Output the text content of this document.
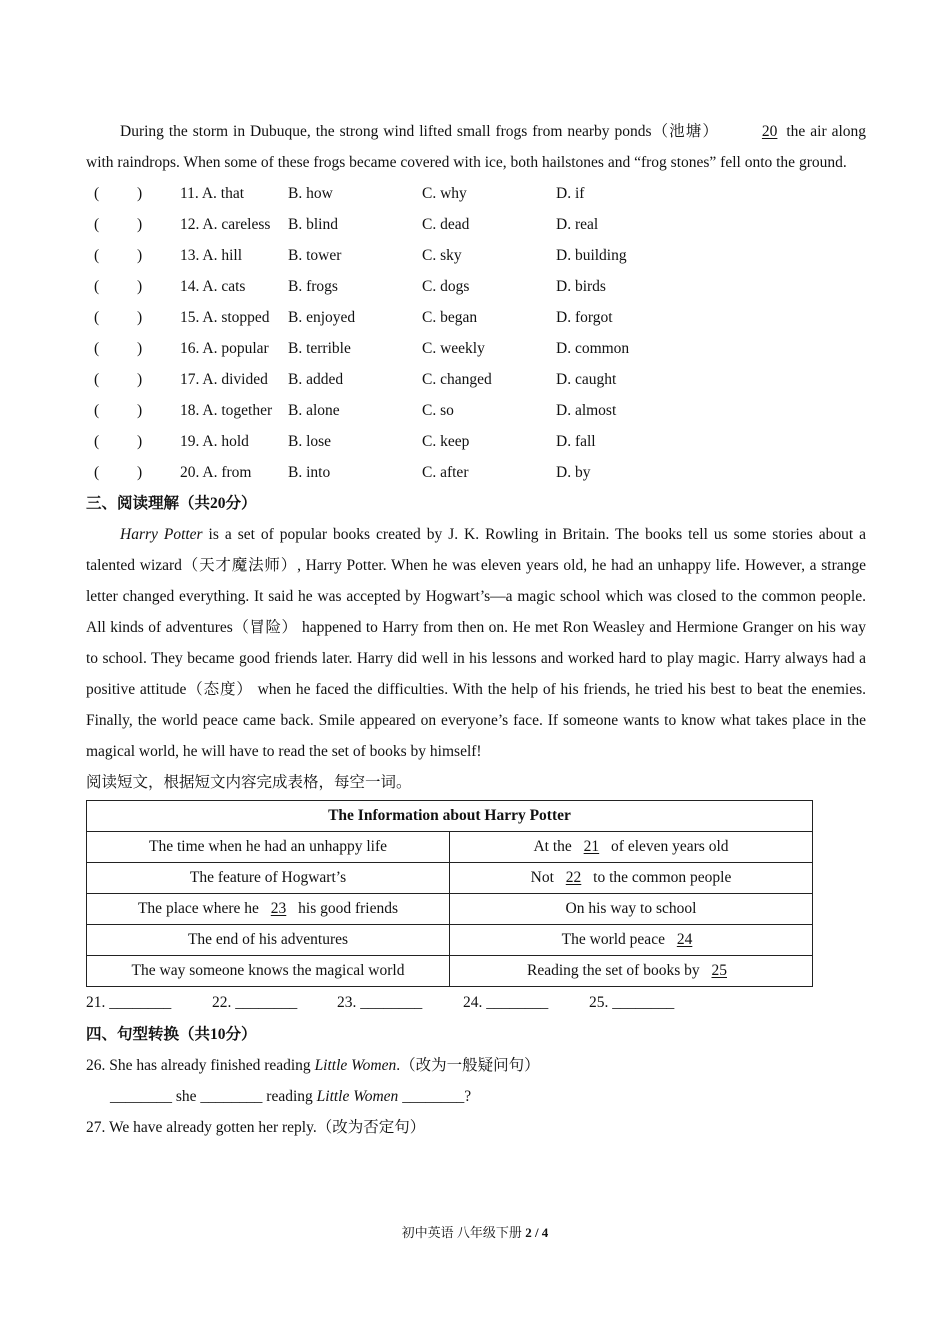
During the storm in Dubuque, the strong wind lifted small frogs from nearby ponds（池塘）	20 the air along with raindrops. When some of these frogs became covered with ice, both hailstones and “frog stones” fell onto the ground.

( ) 11. A. that	B. how	C. why	D. if
( ) 12. A. careless B. blind	C. dead	D. real
( ) 13. A. hill	B. tower	C. sky	D. building
( ) 14. A. cats	B. frogs	C. dogs	D. birds
( ) 15. A. stopped B. enjoyed	C. began	D. forgot
( ) 16. A. popular B. terrible	C. weekly	D. common
( ) 17. A. divided B. added	C. changed	D. caught
( ) 18. A. together B. alone	C. so	D. almost
( ) 19. A. hold	B. lose	C. keep	D. fall
( ) 20. A. from B. into	C. after	D. by

三、阅读理解（共20分）

Harry Potter is a set of popular books created by J. K. Rowling in Britain. The books tell us some stories about a talented wizard（天才魔法师）, Harry Potter. When he was eleven years old, he had an unhappy life. However, a strange letter changed everything. It said he was accepted by Hogwart’s—a magic school which was closed to the common people. All kinds of adventures（冒险） happened to Harry from then on. He met Ron Weasley and Hermione Granger on his way to school. They became good friends later. Harry did well in his lessons and worked hard to play magic. Harry always had a positive attitude（态度） when he faced the difficulties. With the help of his friends, he tried his best to beat the enemies. Finally, the world peace came back. Smile appeared on everyone’s face. If someone wants to know what takes place in the magical world, he will have to read the set of books by himself!

阅读短文，根据短文内容完成表格，每空一词。

The Information about Harry Potter	
The time when he had an unhappy life	At the 21 of eleven years old
The feature of Hogwart’s	Not 22 to the common people
The place where he 23 his good friends	On his way to school
The end of his adventures	The world peace 24
The way someone knows the magical world	Reading the set of books by 25
21. ________	22. ________	23. ________	24. ________	25. ________

四、句型转换（共10分）

26. She has already finished reading Little Women.（改为一般疑问句）

________ she ________ reading Little Women ________?

27. We have already gotten her reply.（改为否定句）

初中英语 八年级下册 2 / 4
